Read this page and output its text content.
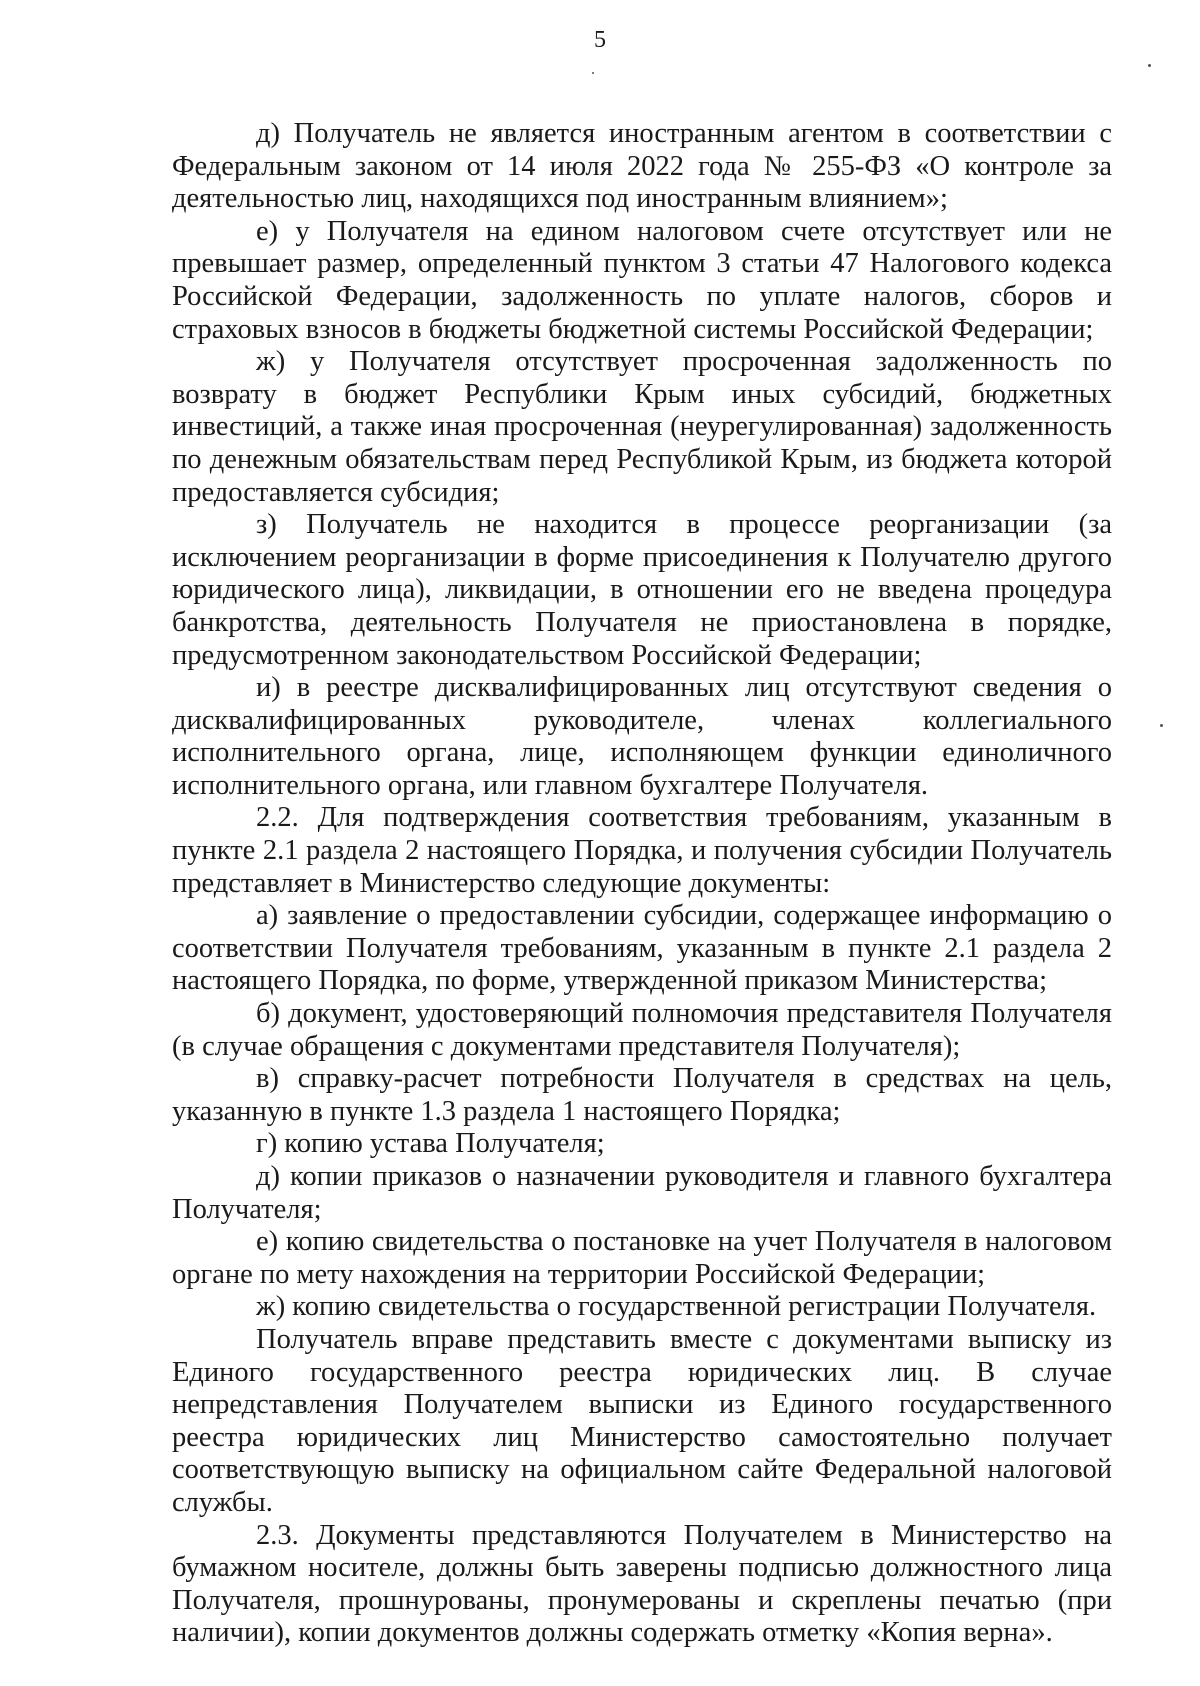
5

д) Получатель не является иностранным агентом в соответствии с Федеральным законом от 14 июля 2022 года № 255-ФЗ «О контроле за деятельностью лиц, находящихся под иностранным влиянием»;

е) у Получателя на едином налоговом счете отсутствует или не превышает размер, определенный пунктом 3 статьи 47 Налогового кодекса Российской Федерации, задолженность по уплате налогов, сборов и страховых взносов в бюджеты бюджетной системы Российской Федерации;

ж) у Получателя отсутствует просроченная задолженность по возврату в бюджет Республики Крым иных субсидий, бюджетных инвестиций, а также иная просроченная (неурегулированная) задолженность по денежным обязательствам перед Республикой Крым, из бюджета которой предоставляется субсидия;

з) Получатель не находится в процессе реорганизации (за исключением реорганизации в форме присоединения к Получателю другого юридического лица), ликвидации, в отношении его не введена процедура банкротства, деятельность Получателя не приостановлена в порядке, предусмотренном законодательством Российской Федерации;

и) в реестре дисквалифицированных лиц отсутствуют сведения о дисквалифицированных руководителе, членах коллегиального исполнительного органа, лице, исполняющем функции единоличного исполнительного органа, или главном бухгалтере Получателя.

2.2. Для подтверждения соответствия требованиям, указанным в пункте 2.1 раздела 2 настоящего Порядка, и получения субсидии Получатель представляет в Министерство следующие документы:

а) заявление о предоставлении субсидии, содержащее информацию о соответствии Получателя требованиям, указанным в пункте 2.1 раздела 2 настоящего Порядка, по форме, утвержденной приказом Министерства;

б) документ, удостоверяющий полномочия представителя Получателя (в случае обращения с документами представителя Получателя);

в) справку-расчет потребности Получателя в средствах на цель, указанную в пункте 1.3 раздела 1 настоящего Порядка;

г) копию устава Получателя;

д) копии приказов о назначении руководителя и главного бухгалтера Получателя;

е) копию свидетельства о постановке на учет Получателя в налоговом органе по мету нахождения на территории Российской Федерации;

ж) копию свидетельства о государственной регистрации Получателя.

Получатель вправе представить вместе с документами выписку из Единого государственного реестра юридических лиц. В случае непредставления Получателем выписки из Единого государственного реестра юридических лиц Министерство самостоятельно получает соответствующую выписку на официальном сайте Федеральной налоговой службы.

2.3. Документы представляются Получателем в Министерство на бумажном носителе, должны быть заверены подписью должностного лица Получателя, прошнурованы, пронумерованы и скреплены печатью (при наличии), копии документов должны содержать отметку «Копия верна».
